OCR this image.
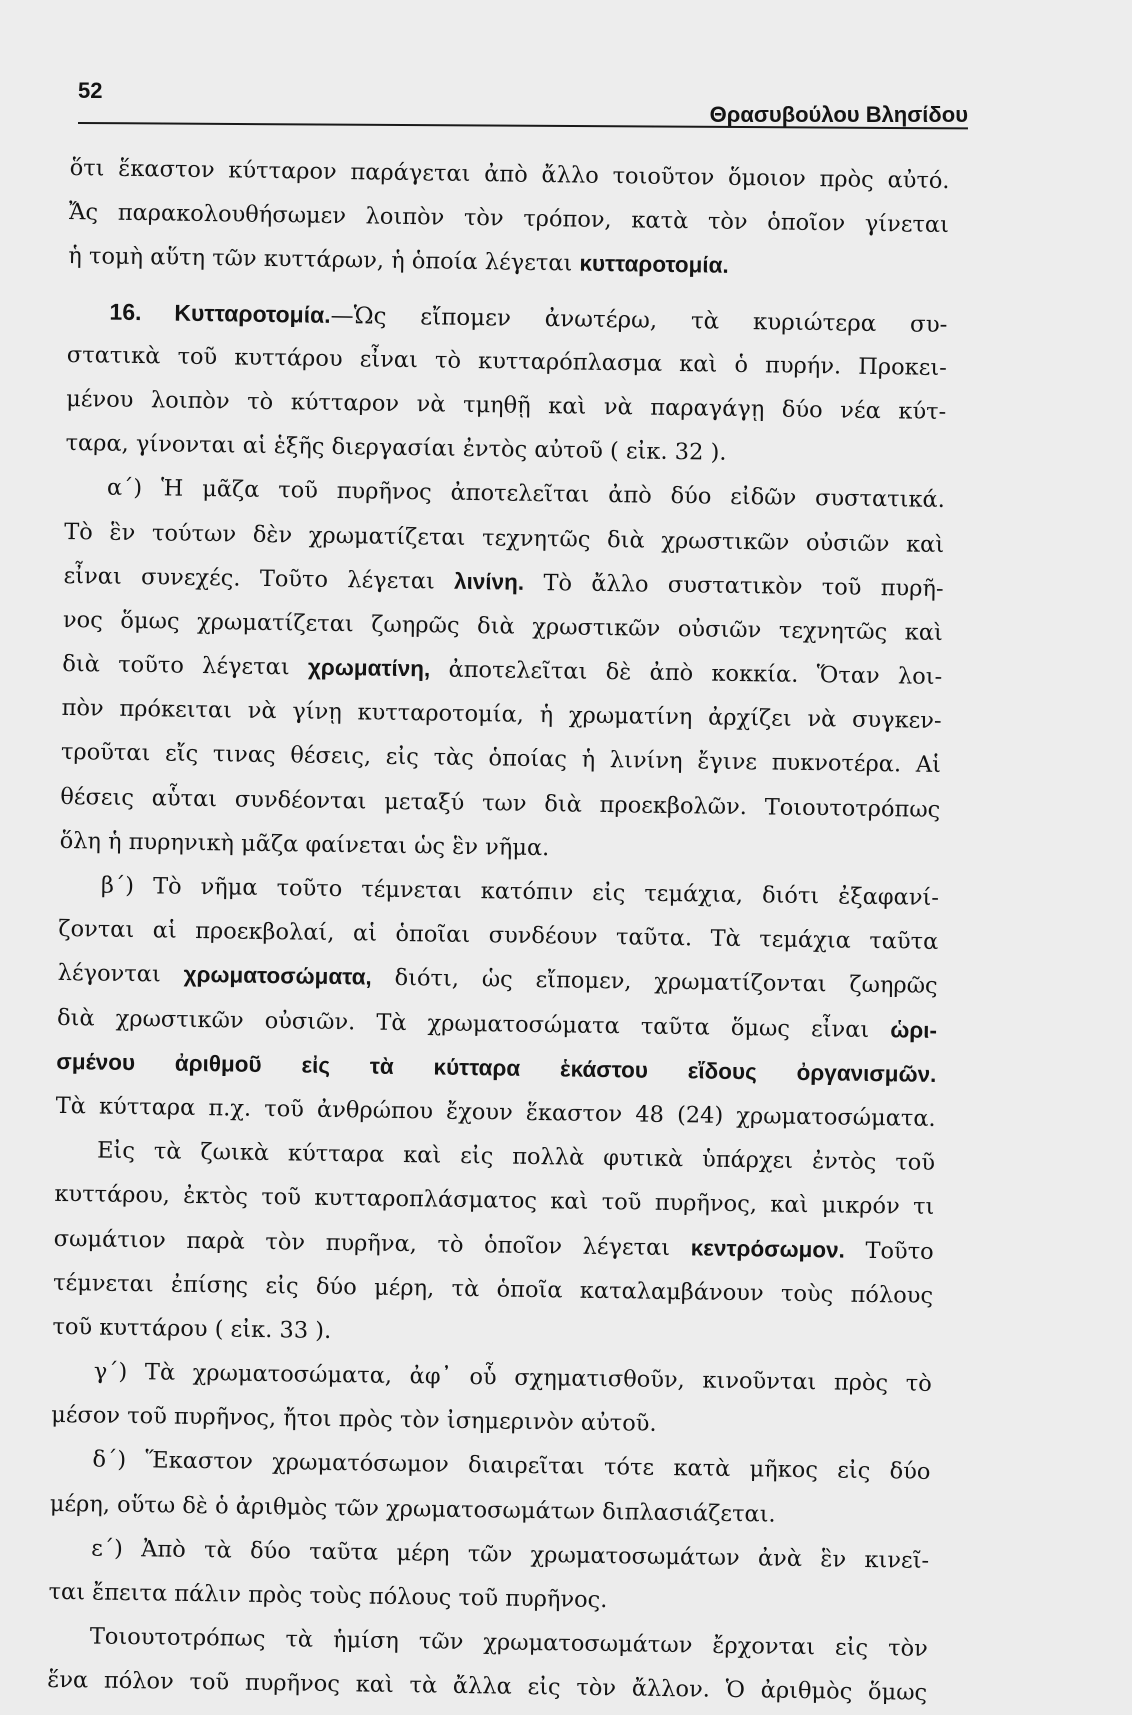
52
Θρασυβούλου Βλησίδου
ὅτι ἕκαστον κύτταρον παράγεται ἀπὸ ἄλλο τοιοῦτον ὅμοιον πρὸς αὐτό.
Ἄς παρακολουθήσωμεν λοιπὸν τὸν τρόπον, κατὰ τὸν ὁποῖον γίνεται
ἡ τομὴ αὕτη τῶν κυττάρων, ἡ ὁποία λέγεται κυτταροτομία.
16. Κυτταροτομία.—Ὡς εἴπομεν ἀνωτέρω, τὰ κυριώτερα συ-
στατικὰ τοῦ κυττάρου εἶναι τὸ κυτταρόπλασμα καὶ ὁ πυρήν. Προκει-
μένου λοιπὸν τὸ κύτταρον νὰ τμηθῇ καὶ νὰ παραγάγῃ δύο νέα κύτ-
ταρα, γίνονται αἱ ἑξῆς διεργασίαι ἐντὸς αὐτοῦ ( εἰκ. 32 ).
α΄) Ἡ μᾶζα τοῦ πυρῆνος ἀποτελεῖται ἀπὸ δύο εἰδῶν συστατικά.
Τὸ ἓν τούτων δὲν χρωματίζεται τεχνητῶς διὰ χρωστικῶν οὐσιῶν καὶ
εἶναι συνεχές. Τοῦτο λέγεται λινίνη. Τὸ ἄλλο συστατικὸν τοῦ πυρῆ-
νος ὅμως χρωματίζεται ζωηρῶς διὰ χρωστικῶν οὐσιῶν τεχνητῶς καὶ
διὰ τοῦτο λέγεται χρωματίνη, ἀποτελεῖται δὲ ἀπὸ κοκκία. Ὅταν λοι-
πὸν πρόκειται νὰ γίνῃ κυτταροτομία, ἡ χρωματίνη ἀρχίζει νὰ συγκεν-
τροῦται εἴς τινας θέσεις, εἰς τὰς ὁποίας ἡ λινίνη ἔγινε πυκνοτέρα. Αἱ
θέσεις αὗται συνδέονται μεταξύ των διὰ προεκβολῶν. Τοιουτοτρόπως
ὅλη ἡ πυρηνικὴ μᾶζα φαίνεται ὡς ἓν νῆμα.
β΄) Τὸ νῆμα τοῦτο τέμνεται κατόπιν εἰς τεμάχια, διότι ἐξαφανί-
ζονται αἱ προεκβολαί, αἱ ὁποῖαι συνδέουν ταῦτα. Τὰ τεμάχια ταῦτα
λέγονται χρωματοσώματα, διότι, ὡς εἴπομεν, χρωματίζονται ζωηρῶς
διὰ χρωστικῶν οὐσιῶν. Τὰ χρωματοσώματα ταῦτα ὅμως εἶναι ὡρι-
σμένου ἀριθμοῦ εἰς τὰ κύτταρα ἑκάστου εἴδους ὀργανισμῶν.
Τὰ κύτταρα π.χ. τοῦ ἀνθρώπου ἔχουν ἕκαστον 48 (24) χρωματοσώματα.
Εἰς τὰ ζωικὰ κύτταρα καὶ εἰς πολλὰ φυτικὰ ὑπάρχει ἐντὸς τοῦ
κυττάρου, ἐκτὸς τοῦ κυτταροπλάσματος καὶ τοῦ πυρῆνος, καὶ μικρόν τι
σωμάτιον παρὰ τὸν πυρῆνα, τὸ ὁποῖον λέγεται κεντρόσωμον. Τοῦτο
τέμνεται ἐπίσης εἰς δύο μέρη, τὰ ὁποῖα καταλαμβάνουν τοὺς πόλους
τοῦ κυττάρου ( εἰκ. 33 ).
γ΄) Τὰ χρωματοσώματα, ἀφ᾿ οὗ σχηματισθοῦν, κινοῦνται πρὸς τὸ
μέσον τοῦ πυρῆνος, ἤτοι πρὸς τὸν ἰσημερινὸν αὐτοῦ.
δ΄) Ἕκαστον χρωματόσωμον διαιρεῖται τότε κατὰ μῆκος εἰς δύο
μέρη, οὕτω δὲ ὁ ἀριθμὸς τῶν χρωματοσωμάτων διπλασιάζεται.
ε΄) Ἀπὸ τὰ δύο ταῦτα μέρη τῶν χρωματοσωμάτων ἀνὰ ἓν κινεῖ-
ται ἔπειτα πάλιν πρὸς τοὺς πόλους τοῦ πυρῆνος.
Τοιουτοτρόπως τὰ ἡμίση τῶν χρωματοσωμάτων ἔρχονται εἰς τὸν
ἕνα πόλον τοῦ πυρῆνος καὶ τὰ ἄλλα εἰς τὸν ἄλλον. Ὁ ἀριθμὸς ὅμως
